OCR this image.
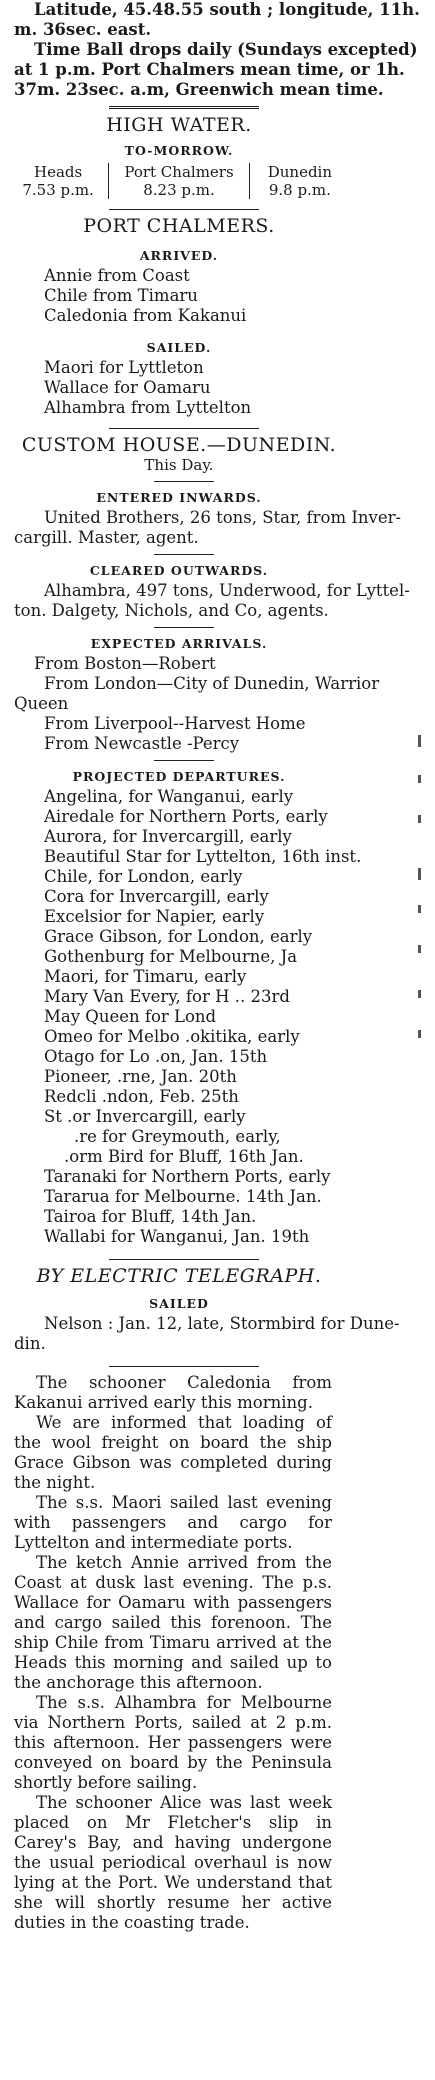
Latitude, 45.48.55 south ; longitude, 11h.
m. 36sec. east.
Time Ball drops daily (Sundays excepted)
at 1 p.m. Port Chalmers mean time, or 1h.
37m. 23sec. a.m, Greenwich mean time.
HIGH WATER.
TO-MORROW.
Heads
7.53 p.m.
Port Chalmers
8.23 p.m.
Dunedin
9.8 p.m.
PORT CHALMERS.
ARRIVED.
Annie from Coast
Chile from Timaru
Caledonia from Kakanui
SAILED.
Maori for Lyttleton
Wallace for Oamaru
Alhambra from Lyttelton
CUSTOM HOUSE.—DUNEDIN.
This Day.
ENTERED INWARDS.
United Brothers, 26 tons, Star, from Inver-
cargill. Master, agent.
CLEARED OUTWARDS.
Alhambra, 497 tons, Underwood, for Lyttel-
ton. Dalgety, Nichols, and Co, agents.
EXPECTED ARRIVALS.
From Boston—Robert
From London—City of Dunedin, Warrior
Queen
From Liverpool--Harvest Home
From Newcastle -Percy
PROJECTED DEPARTURES.
Angelina, for Wanganui, early
Airedale for Northern Ports, early
Aurora, for Invercargill, early
Beautiful Star for Lyttelton, 16th inst.
Chile, for London, early
Cora for Invercargill, early
Excelsior for Napier, early
Grace Gibson, for London, early
Gothenburg for Melbourne, Ja
Maori, for Timaru, early
Mary Van Every, for H .. 23rd
May Queen for Lond
Omeo for Melbo .okitika, early
Otago for Lo .on, Jan. 15th
Pioneer, .rne, Jan. 20th
Redcli .ndon, Feb. 25th
St .or Invercargill, early
.re for Greymouth, early,
.orm Bird for Bluff, 16th Jan.
Taranaki for Northern Ports, early
Tararua for Melbourne. 14th Jan.
Tairoa for Bluff, 14th Jan.
Wallabi for Wanganui, Jan. 19th
BY ELECTRIC TELEGRAPH.
SAILED
Nelson : Jan. 12, late, Stormbird for Dune-
din.
The schooner Caledonia from Kakanui arrived early this morning.
We are informed that loading of the wool freight on board the ship Grace Gibson was completed during the night.
The s.s. Maori sailed last evening with passengers and cargo for Lyttelton and intermediate ports.
The ketch Annie arrived from the Coast at dusk last evening. The p.s. Wallace for Oamaru with passengers and cargo sailed this forenoon. The ship Chile from Timaru arrived at the Heads this morning and sailed up to the anchorage this afternoon.
The s.s. Alhambra for Melbourne via Northern Ports, sailed at 2 p.m. this afternoon. Her passengers were conveyed on board by the Peninsula shortly before sailing.
The schooner Alice was last week placed on Mr Fletcher's slip in Carey's Bay, and having undergone the usual periodical overhaul is now lying at the Port. We understand that she will shortly resume her active duties in the coasting trade.
